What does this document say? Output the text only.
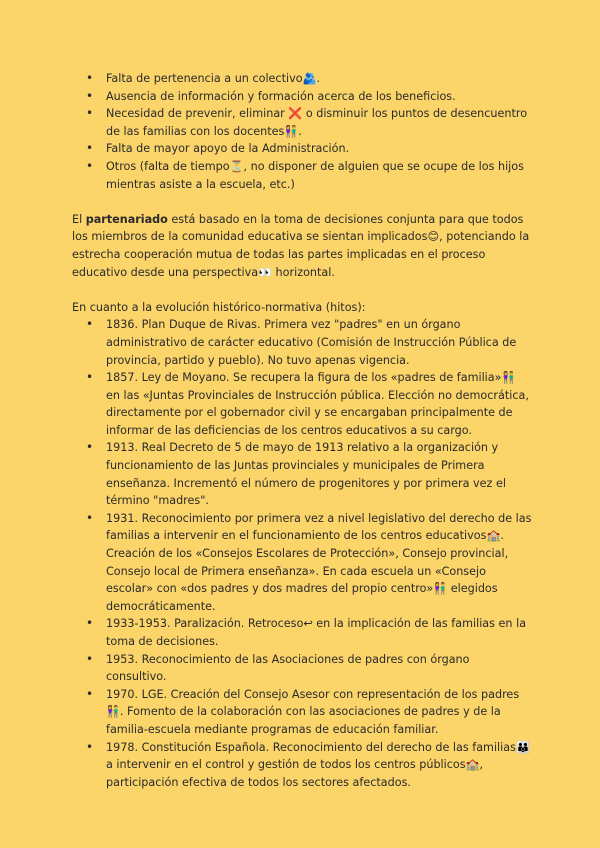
• Falta de pertenencia a un colectivo🫂.
• Ausencia de información y formación acerca de los beneficios.
• Necesidad de prevenir, eliminar ❌ o disminuir los puntos de desencuentro de las familias con los docentes👫.
• Falta de mayor apoyo de la Administración.
• Otros (falta de tiempo⏳, no disponer de alguien que se ocupe de los hijos mientras asiste a la escuela, etc.)

El partenariado está basado en la toma de decisiones conjunta para que todos los miembros de la comunidad educativa se sientan implicados😊, potenciando la estrecha cooperación mutua de todas las partes implicadas en el proceso educativo desde una perspectiva👀 horizontal.

En cuanto a la evolución histórico-normativa (hitos):

• 1836. Plan Duque de Rivas. Primera vez "padres" en un órgano administrativo de carácter educativo (Comisión de Instrucción Pública de provincia, partido y pueblo). No tuvo apenas vigencia.
• 1857. Ley de Moyano. Se recupera la figura de los «padres de familia»👫 en las «Juntas Provinciales de Instrucción pública. Elección no democrática, directamente por el gobernador civil y se encargaban principalmente de informar de las deficiencias de los centros educativos a su cargo.
• 1913. Real Decreto de 5 de mayo de 1913 relativo a la organización y funcionamiento de las Juntas provinciales y municipales de Primera enseñanza. Incrementó el número de progenitores y por primera vez el término "madres".
• 1931. Reconocimiento por primera vez a nivel legislativo del derecho de las familias a intervenir en el funcionamiento de los centros educativos🏫. Creación de los «Consejos Escolares de Protección», Consejo provincial, Consejo local de Primera enseñanza». En cada escuela un «Consejo escolar» con «dos padres y dos madres del propio centro»👫 elegidos democráticamente.
• 1933-1953. Paralización. Retroceso↩ en la implicación de las familias en la toma de decisiones.
• 1953. Reconocimiento de las Asociaciones de padres con órgano consultivo.
• 1970. LGE. Creación del Consejo Asesor con representación de los padres👫. Fomento de la colaboración con las asociaciones de padres y de la familia-escuela mediante programas de educación familiar.
• 1978. Constitución Española. Reconocimiento del derecho de las familias👪 a intervenir en el control y gestión de todos los centros públicos🏫, participación efectiva de todos los sectores afectados.
